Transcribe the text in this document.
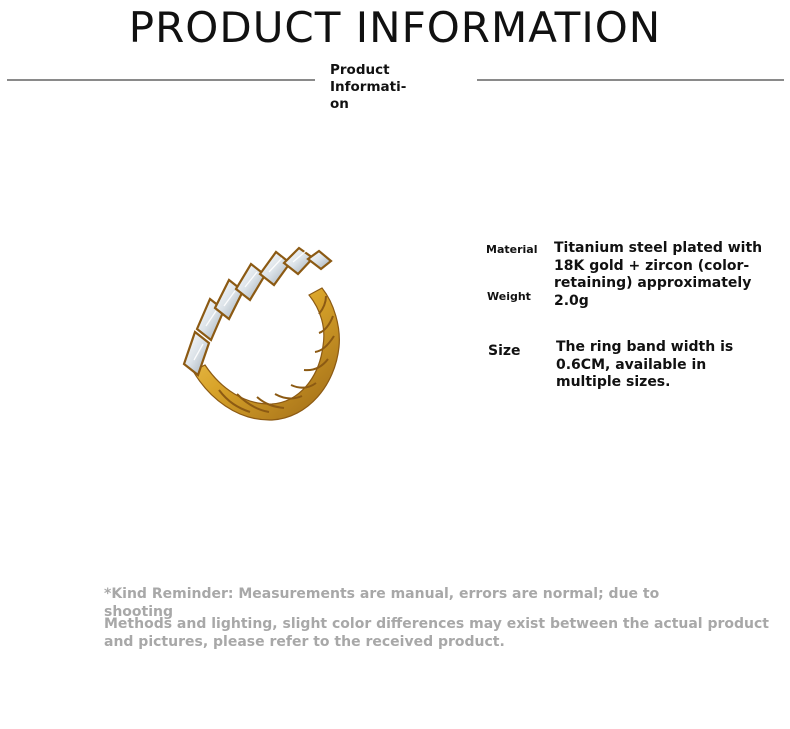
PRODUCT INFORMATION
Product Informati-
on
Material Titanium steel plated with 18K gold + zircon (color-retaining) approximately 2.0g

Weight
Size	The ring band width is 0.6CM, available in multiple sizes.

*Kind Reminder: Measurements are manual, errors are normal; due to shooting

Methods and lighting, slight color differences may exist between the actual product and pictures, please refer to the received product.
